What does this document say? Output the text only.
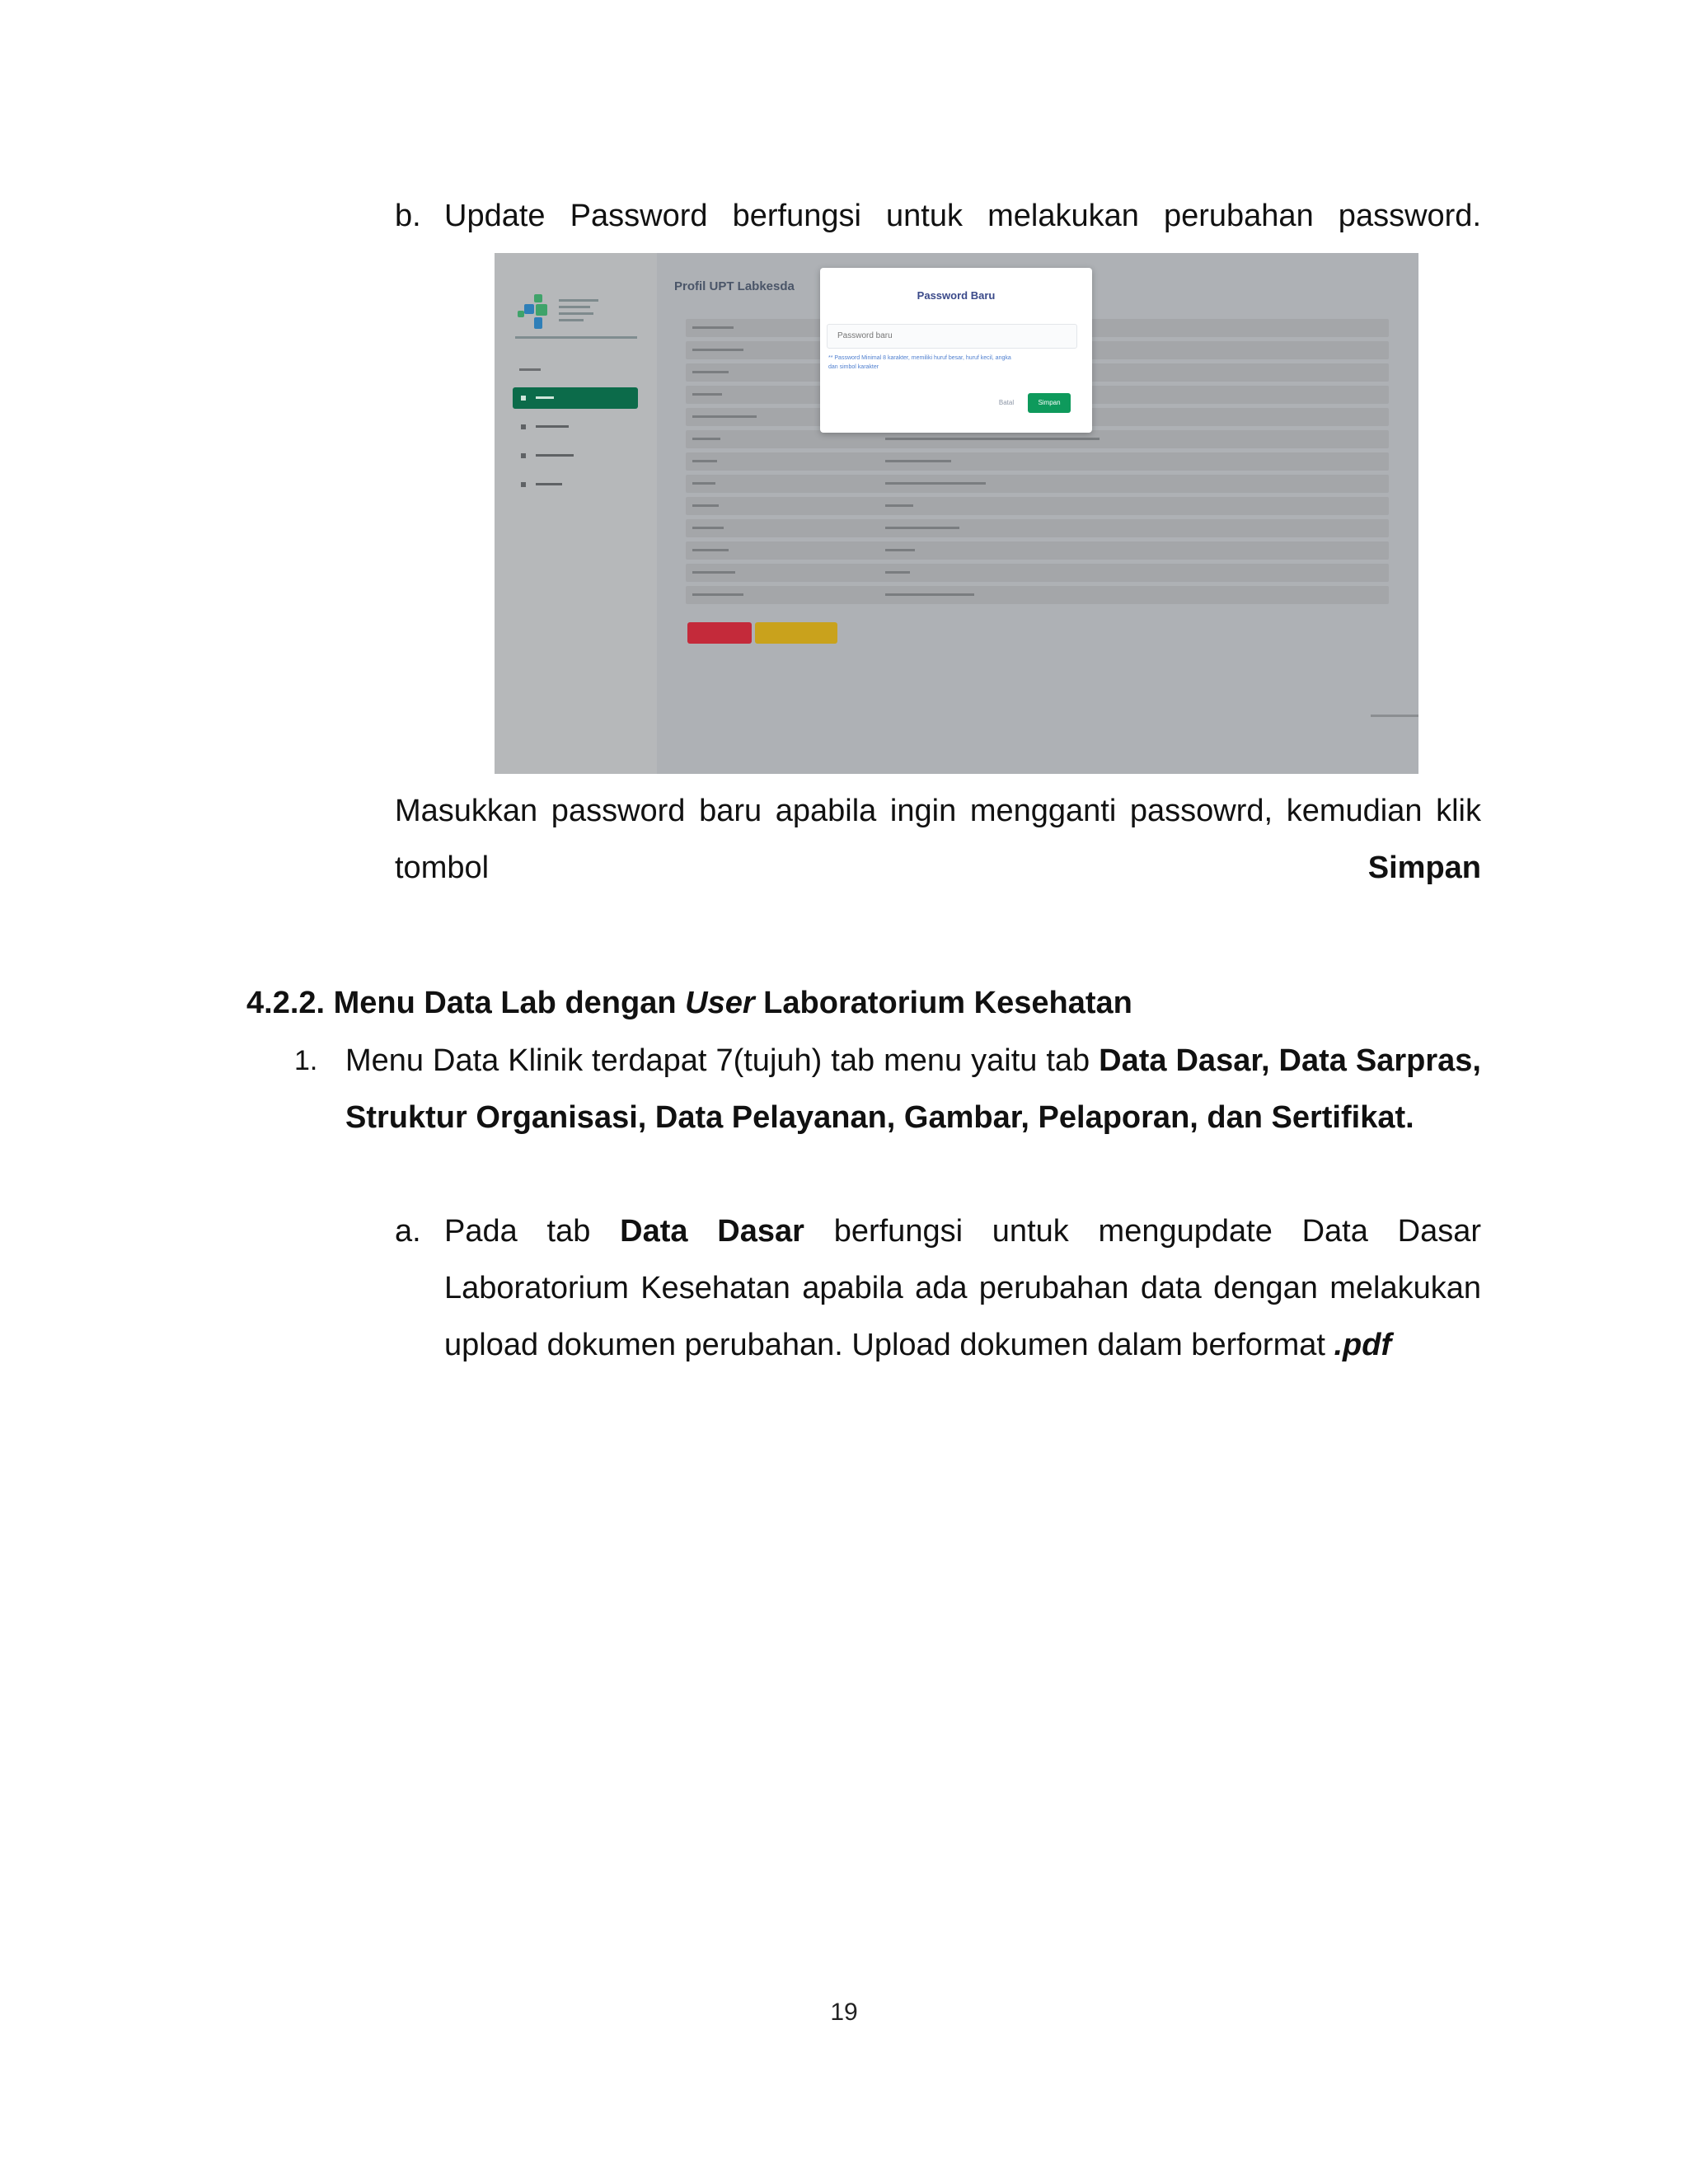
b. Update Password berfungsi untuk melakukan perubahan password.

Profil UPT Labkesda
Password Baru
** Password Minimal 8 karakter, memiliki huruf besar, huruf kecil, angka dan simbol karakter
Batal	Simpan

Masukkan password baru apabila ingin mengganti passowrd, kemudian klik tombol Simpan

4.2.2. Menu Data Lab dengan User Laboratorium Kesehatan

1. Menu Data Klinik terdapat 7(tujuh) tab menu yaitu tab Data Dasar, Data Sarpras, Struktur Organisasi, Data Pelayanan, Gambar, Pelaporan, dan Sertifikat.

a. Pada tab Data Dasar berfungsi untuk mengupdate Data Dasar Laboratorium Kesehatan apabila ada perubahan data dengan melakukan upload dokumen perubahan. Upload dokumen dalam berformat .pdf

19
